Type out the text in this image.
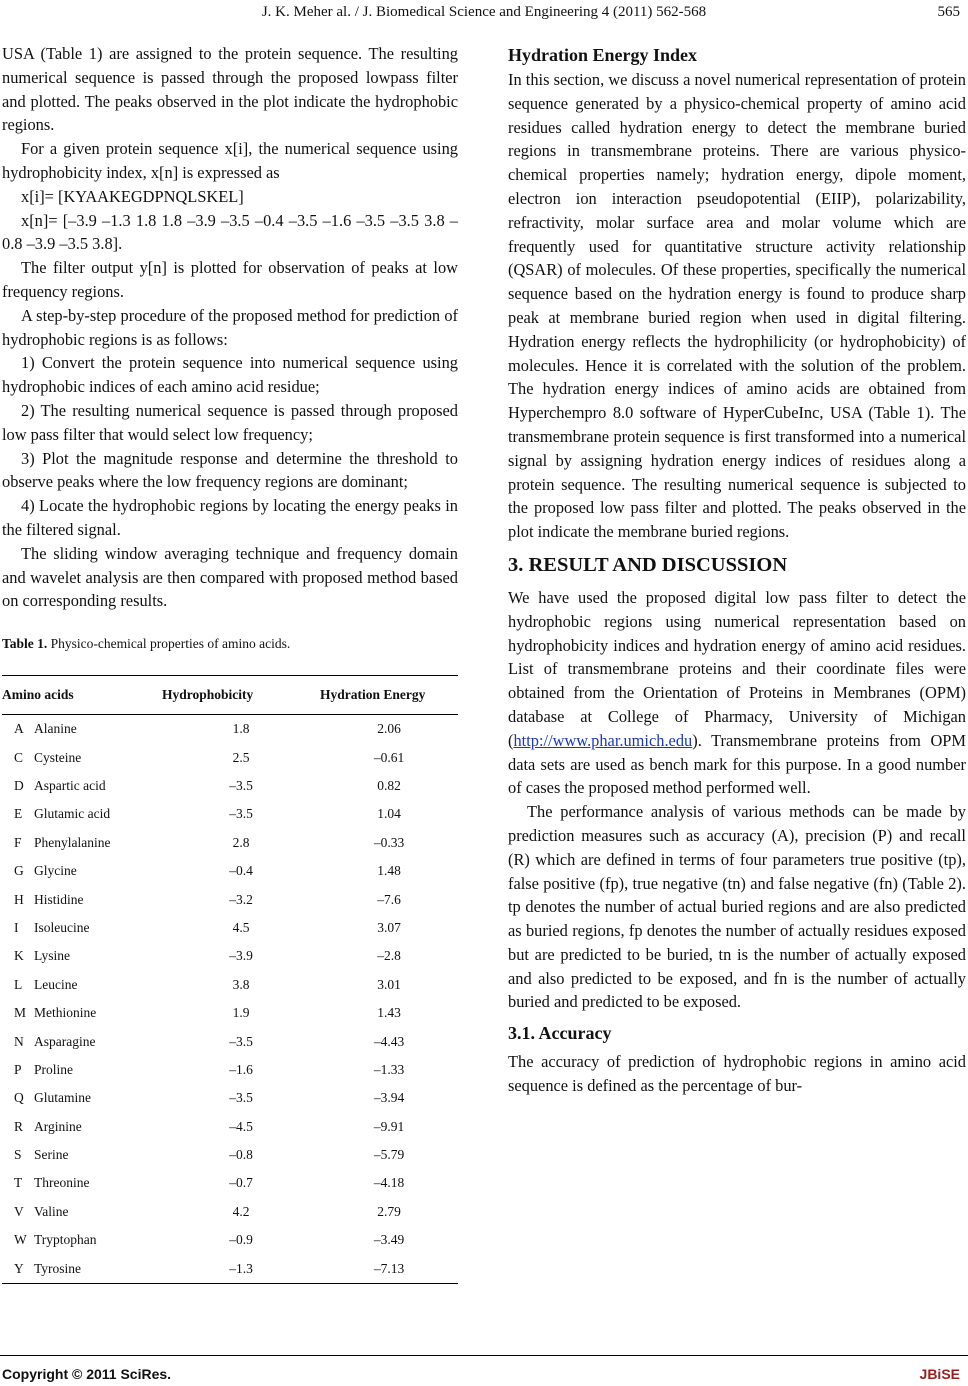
J. K. Meher al. / J. Biomedical Science and Engineering 4 (2011) 562-568	565

USA (Table 1) are assigned to the protein sequence. The resulting numerical sequence is passed through the proposed lowpass filter and plotted. The peaks observed in the plot indicate the hydrophobic regions.

For a given protein sequence x[i], the numerical sequence using hydrophobicity index, x[n] is expressed as

x[i]= [KYAAKEGDPNQLSKEL]

x[n]= [–3.9 –1.3 1.8 1.8 –3.9 –3.5 –0.4 –3.5 –1.6 –3.5 –3.5 3.8 –0.8 –3.9 –3.5 3.8].

The filter output y[n] is plotted for observation of peaks at low frequency regions.

A step-by-step procedure of the proposed method for prediction of hydrophobic regions is as follows:

1) Convert the protein sequence into numerical sequence using hydrophobic indices of each amino acid residue;

2) The resulting numerical sequence is passed through proposed low pass filter that would select low frequency;

3) Plot the magnitude response and determine the threshold to observe peaks where the low frequency regions are dominant;

4) Locate the hydrophobic regions by locating the energy peaks in the filtered signal.

The sliding window averaging technique and frequency domain and wavelet analysis are then compared with proposed method based on corresponding results.

Table 1. Physico-chemical properties of amino acids.
Amino acids	Hydrophobicity	Hydration Energy
A Alanine	1.8	2.06
C Cysteine	2.5	–0.61
D Aspartic acid	–3.5	0.82
E Glutamic acid	–3.5	1.04
F Phenylalanine	2.8	–0.33
G Glycine	–0.4	1.48
H Histidine	–3.2	–7.6
I Isoleucine	4.5	3.07
K Lysine	–3.9	–2.8
L Leucine	3.8	3.01
M Methionine	1.9	1.43
N Asparagine	–3.5	–4.43
P Proline	–1.6	–1.33
Q Glutamine	–3.5	–3.94
R Arginine	–4.5	–9.91
S Serine	–0.8	–5.79
T Threonine	–0.7	–4.18
V Valine	4.2	2.79
W Tryptophan	–0.9	–3.49
Y Tyrosine	–1.3	–7.13
Hydration Energy Index

In this section, we discuss a novel numerical representation of protein sequence generated by a physico-chemical property of amino acid residues called hydration energy to detect the membrane buried regions in transmembrane proteins. There are various physico-chemical properties namely; hydration energy, dipole moment, electron ion interaction pseudopotential (EIIP), polarizability, refractivity, molar surface area and molar volume which are frequently used for quantitative structure activity relationship (QSAR) of molecules. Of these properties, specifically the numerical sequence based on the hydration energy is found to produce sharp peak at membrane buried region when used in digital filtering. Hydration energy reflects the hydrophilicity (or hydrophobicity) of molecules. Hence it is correlated with the solution of the problem. The hydration energy indices of amino acids are obtained from Hyperchempro 8.0 software of HyperCubeInc, USA (Table 1). The transmembrane protein sequence is first transformed into a numerical signal by assigning hydration energy indices of residues along a protein sequence. The resulting numerical sequence is subjected to the proposed low pass filter and plotted. The peaks observed in the plot indicate the membrane buried regions.

3. RESULT AND DISCUSSION

We have used the proposed digital low pass filter to detect the hydrophobic regions using numerical representation based on hydrophobicity indices and hydration energy of amino acid residues. List of transmembrane proteins and their coordinate files were obtained from the Orientation of Proteins in Membranes (OPM) database at College of Pharmacy, University of Michigan (http://www.phar.umich.edu). Transmembrane proteins from OPM data sets are used as bench mark for this purpose. In a good number of cases the proposed method performed well.

The performance analysis of various methods can be made by prediction measures such as accuracy (A), precision (P) and recall (R) which are defined in terms of four parameters true positive (tp), false positive (fp), true negative (tn) and false negative (fn) (Table 2). tp denotes the number of actual buried regions and are also predicted as buried regions, fp denotes the number of actually residues exposed but are predicted to be buried, tn is the number of actually exposed and also predicted to be exposed, and fn is the number of actually buried and predicted to be exposed.

3.1. Accuracy

The accuracy of prediction of hydrophobic regions in amino acid sequence is defined as the percentage of bur-

Copyright © 2011 SciRes.	JBiSE
